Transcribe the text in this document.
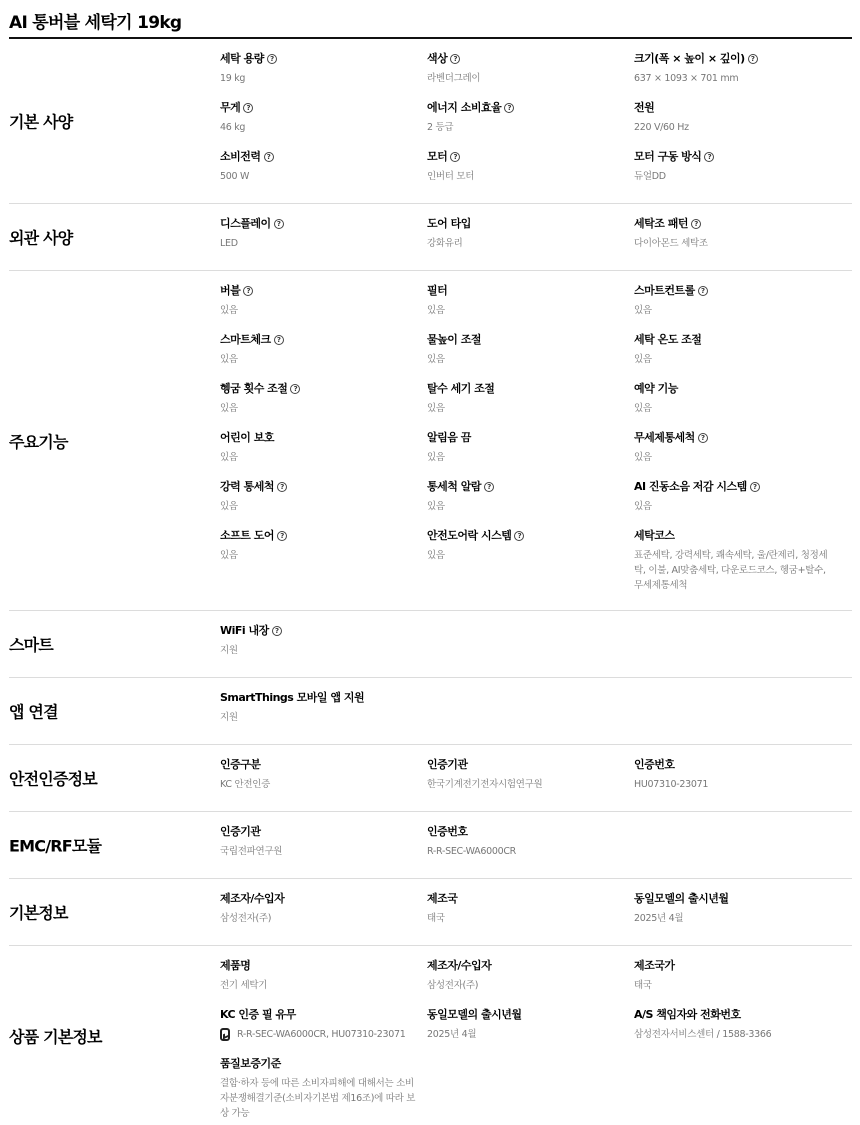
AI 통버블 세탁기 19kg
기본 사양
세탁 용량 ?
19 kg
색상 ?
라벤더그레이
크기(폭 × 높이 × 깊이) ?
637 × 1093 × 701 mm
무게 ?
46 kg
에너지 소비효율 ?
2 등급
전원
220 V/60 Hz
소비전력 ?
500 W
모터 ?
인버터 모터
모터 구동 방식 ?
듀얼DD
외관 사양
디스플레이 ?
LED
도어 타입
강화유리
세탁조 패턴 ?
다이아몬드 세탁조
주요기능
버블 ?
있음
필터
있음
스마트컨트롤 ?
있음
스마트체크 ?
있음
물높이 조절
있음
세탁 온도 조절
있음
헹굼 횟수 조절 ?
있음
탈수 세기 조절
있음
예약 기능
있음
어린이 보호
있음
알림음 끔
있음
무세제통세척 ?
있음
강력 통세척 ?
있음
통세척 알람 ?
있음
AI 진동소음 저감 시스템 ?
있음
소프트 도어 ?
있음
안전도어락 시스템 ?
있음
세탁코스
표준세탁, 강력세탁, 쾌속세탁, 울/란제리, 청정세탁, 이불, AI맞춤세탁, 다운로드코스, 헹굼+탈수, 무세제통세척
스마트
WiFi 내장 ?
지원
앱 연결
SmartThings 모바일 앱 지원
지원
안전인증정보
인증구분
KC 안전인증
인증기관
한국기계전기전자시험연구원
인증번호
HU07310-23071
EMC/RF모듈
인증기관
국립전파연구원
인증번호
R-R-SEC-WA6000CR
기본정보
제조자/수입자
삼성전자(주)
제조국
태국
동일모델의 출시년월
2025년 4월
상품 기본정보
제품명
전기 세탁기
제조자/수입자
삼성전자(주)
제조국가
태국
KC 인증 필 유무
R-R-SEC-WA6000CR, HU07310-23071
동일모델의 출시년월
2025년 4월
A/S 책임자와 전화번호
삼성전자서비스센터 / 1588-3366
품질보증기준
결함·하자 등에 따른 소비자피해에 대해서는 소비자분쟁해결기준(소비자기본법 제16조)에 따라 보상 가능
